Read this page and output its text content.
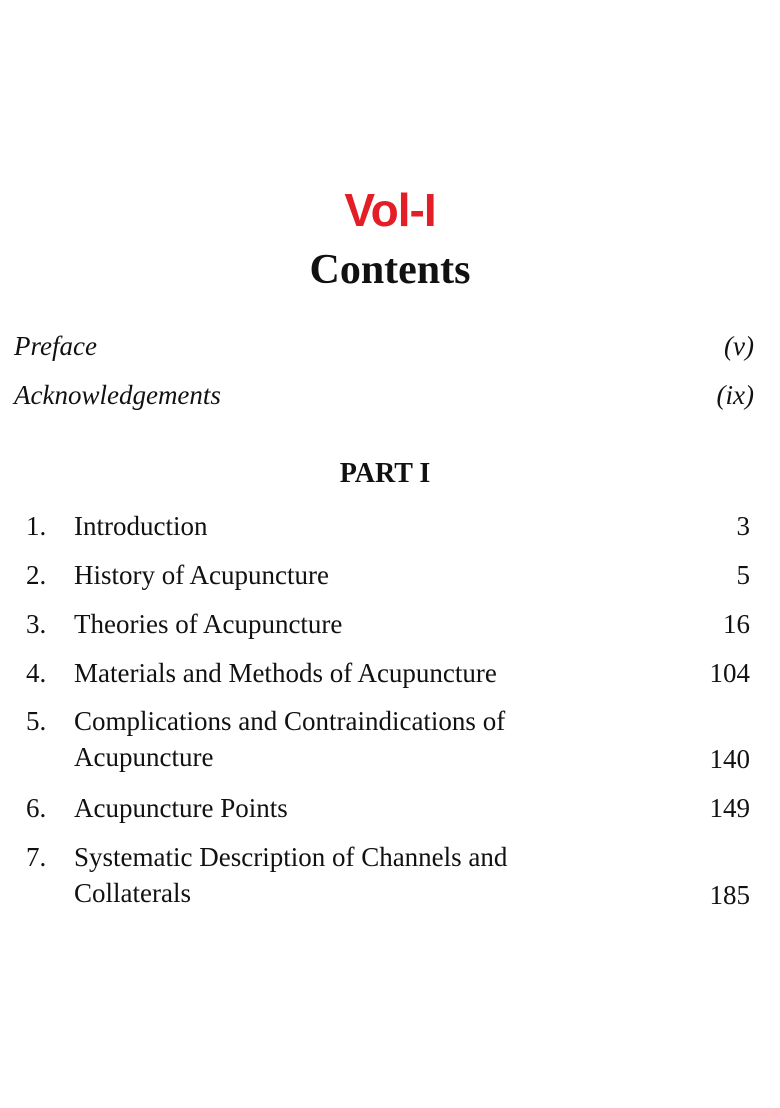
Vol-I
Contents
Preface	(v)
Acknowledgements	(ix)
PART I
1. Introduction	3
2. History of Acupuncture	5
3. Theories of Acupuncture	16
4. Materials and Methods of Acupuncture	104
5. Complications and Contraindications of Acupuncture	140
6. Acupuncture Points	149
7. Systematic Description of Channels and Collaterals	185
